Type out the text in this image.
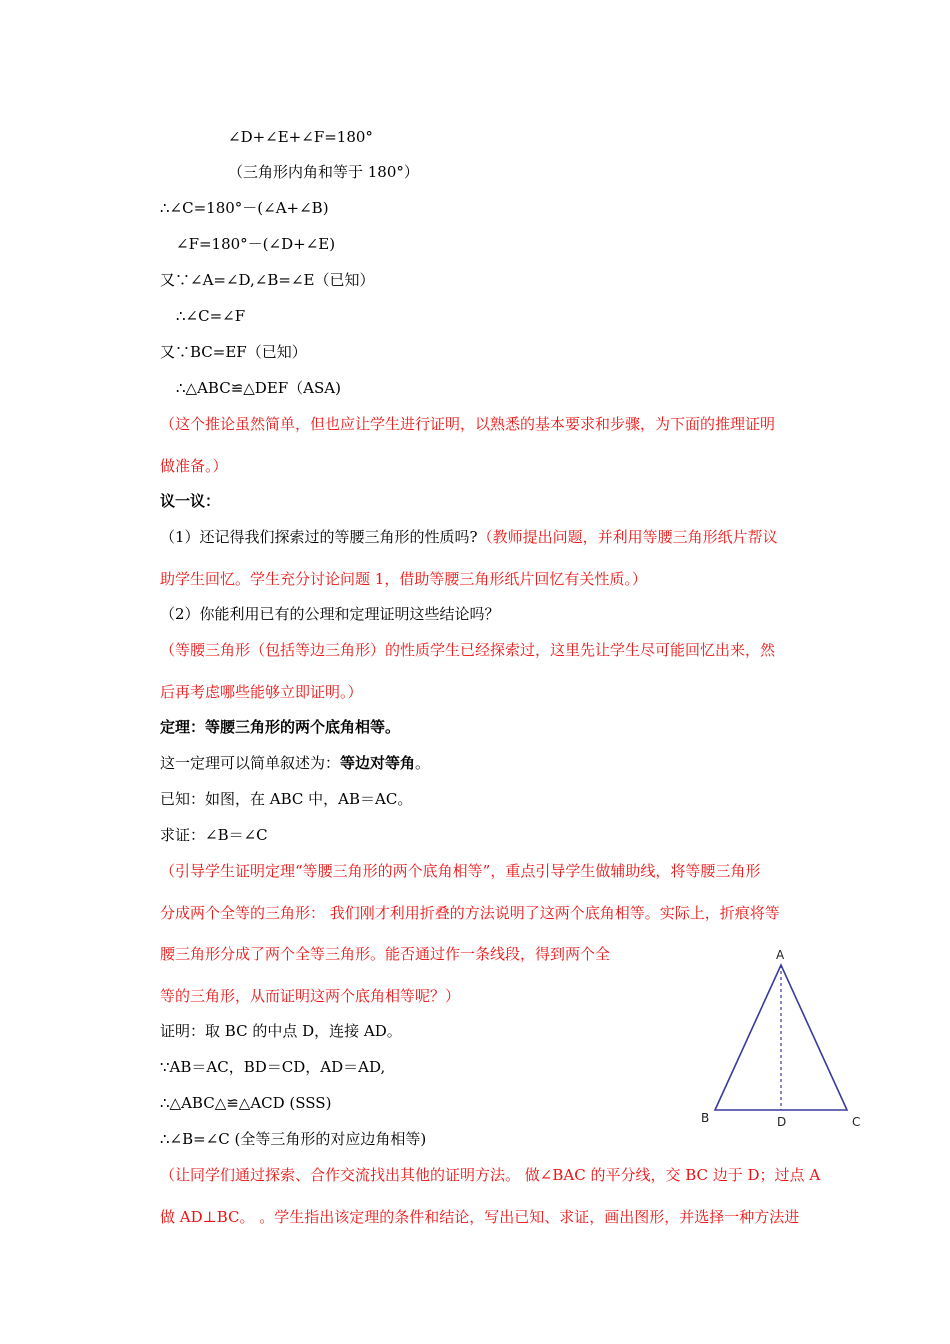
∠D+∠E+∠F=180°
（三角形内角和等于 180°）
∴∠C=180°－(∠A+∠B)
∠F=180°－(∠D+∠E)
又∵∠A=∠D,∠B=∠E（已知）
∴∠C=∠F
又∵BC=EF（已知）
∴△ABC≌△DEF（ASA)
（这个推论虽然简单，但也应让学生进行证明，以熟悉的基本要求和步骤，为下面的推理证明
做准备。）
议一议：
（1）还记得我们探索过的等腰三角形的性质吗?（教师提出问题，并利用等腰三角形纸片帮议
助学生回忆。学生充分讨论问题 1，借助等腰三角形纸片回忆有关性质。）
（2）你能利用已有的公理和定理证明这些结论吗？
（等腰三角形（包括等边三角形）的性质学生已经探索过，这里先让学生尽可能回忆出来，然
后再考虑哪些能够立即证明。）
定理：等腰三角形的两个底角相等。
这一定理可以简单叙述为：等边对等角。
已知：如图，在 ABC 中，AB＝AC。
求证：∠B＝∠C
（引导学生证明定理“等腰三角形的两个底角相等”，重点引导学生做辅助线，将等腰三角形
分成两个全等的三角形： 我们刚才利用折叠的方法说明了这两个底角相等。实际上，折痕将等
腰三角形分成了两个全等三角形。能否通过作一条线段，得到两个全
等的三角形，从而证明这两个底角相等呢？）
证明：取 BC 的中点 D，连接 AD。
∵AB＝AC，BD＝CD，AD＝AD,
∴△ABC△≌△ACD (SSS)
∴∠B=∠C (全等三角形的对应边角相等)
（让同学们通过探索、合作交流找出其他的证明方法。 做∠BAC 的平分线，交 BC 边于 D；过点 A
做 AD⊥BC。 。学生指出该定理的条件和结论，写出已知、求证，画出图形，并选择一种方法进
A
B	C
D
